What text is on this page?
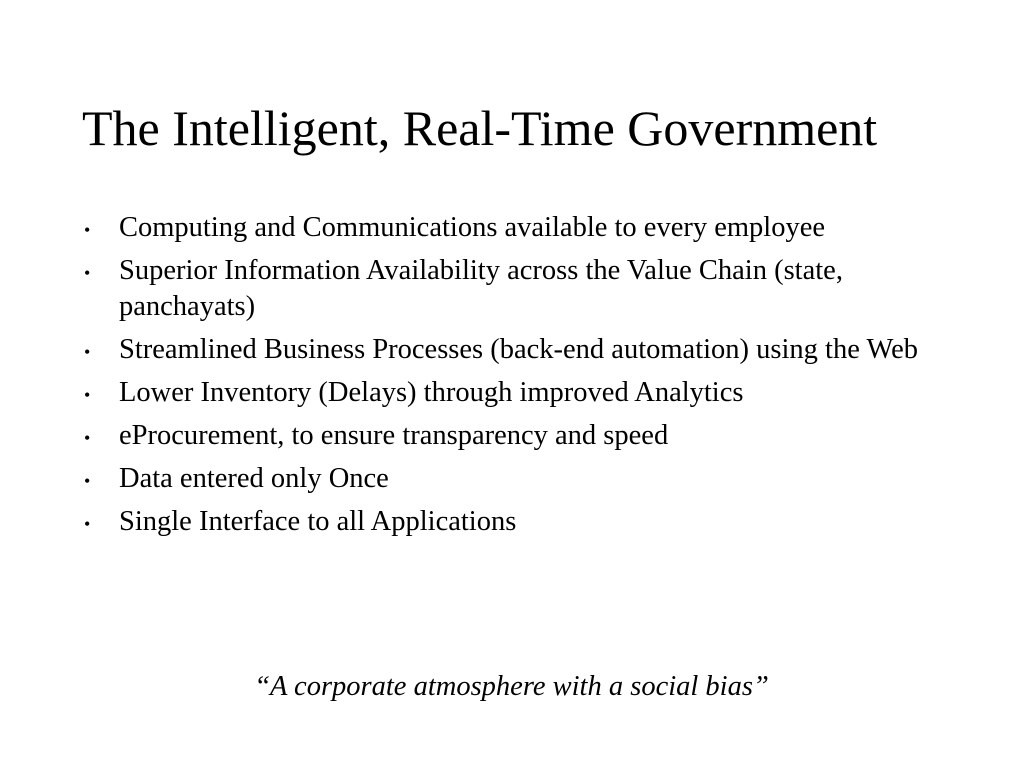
The Intelligent, Real-Time Government
• Computing and Communications available to every employee
• Superior Information Availability across the Value Chain (state, panchayats)
• Streamlined Business Processes (back-end automation) using the Web
• Lower Inventory (Delays) through improved Analytics
• eProcurement, to ensure transparency and speed
• Data entered only Once
• Single Interface to all Applications

“A corporate atmosphere with a social bias”
